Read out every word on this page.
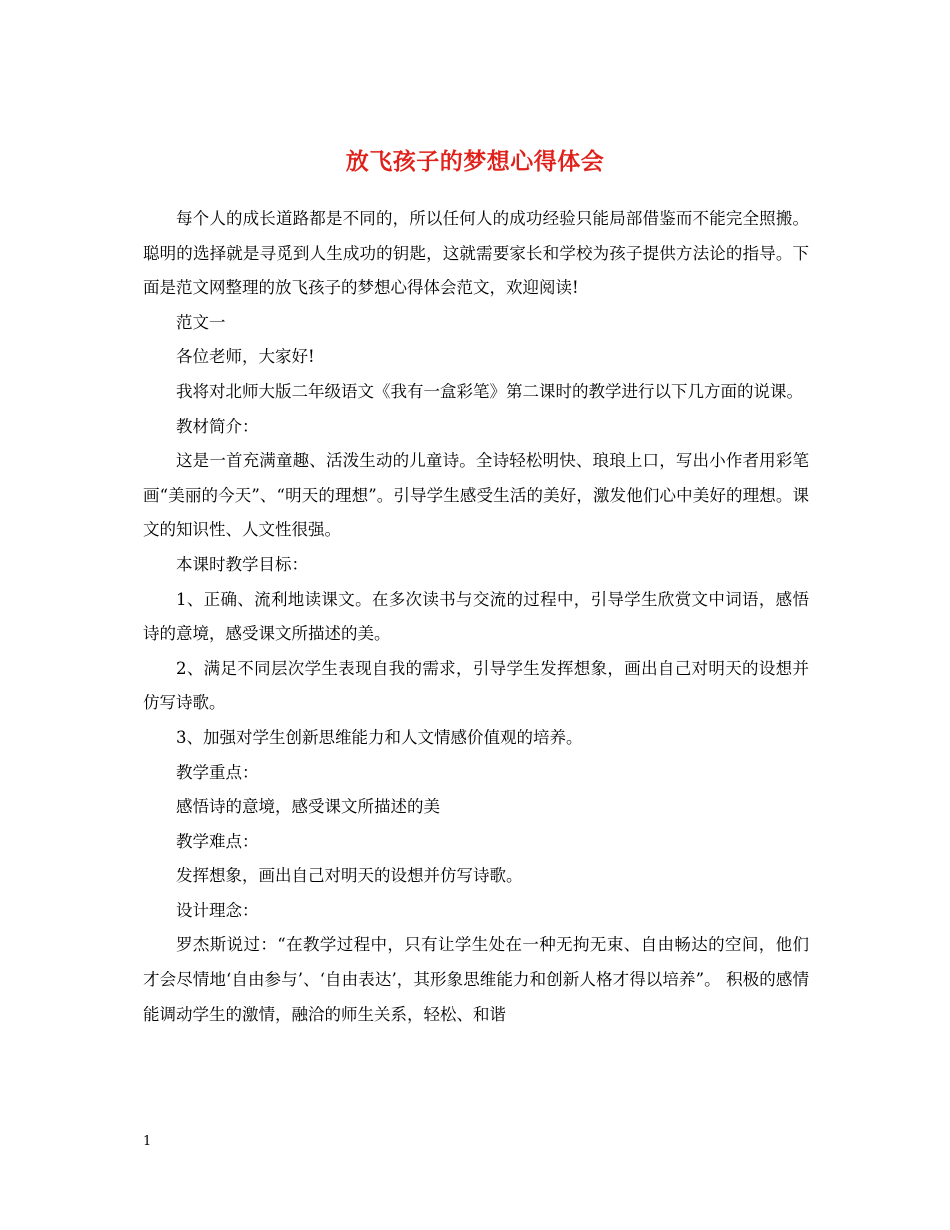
放飞孩子的梦想心得体会

每个人的成长道路都是不同的，所以任何人的成功经验只能局部借鉴而不能完全照搬。聪明的选择就是寻觅到人生成功的钥匙，这就需要家长和学校为孩子提供方法论的指导。下面是范文网整理的放飞孩子的梦想心得体会范文，欢迎阅读!

范文一

各位老师，大家好!

我将对北师大版二年级语文《我有一盒彩笔》第二课时的教学进行以下几方面的说课。

教材简介：

这是一首充满童趣、活泼生动的儿童诗。全诗轻松明快、琅琅上口，写出小作者用彩笔画“美丽的今天”、“明天的理想”。引导学生感受生活的美好，激发他们心中美好的理想。课文的知识性、人文性很强。

本课时教学目标：

1、正确、流利地读课文。在多次读书与交流的过程中，引导学生欣赏文中词语，感悟诗的意境，感受课文所描述的美。

2、满足不同层次学生表现自我的需求，引导学生发挥想象，画出自己对明天的设想并仿写诗歌。

3、加强对学生创新思维能力和人文情感价值观的培养。

教学重点：

感悟诗的意境，感受课文所描述的美

教学难点：

发挥想象，画出自己对明天的设想并仿写诗歌。

设计理念：

罗杰斯说过：“在教学过程中，只有让学生处在一种无拘无束、自由畅达的空间，他们才会尽情地‘自由参与’、‘自由表达’，其形象思维能力和创新人格才得以培养”。 积极的感情能调动学生的激情，融洽的师生关系，轻松、和谐

1
